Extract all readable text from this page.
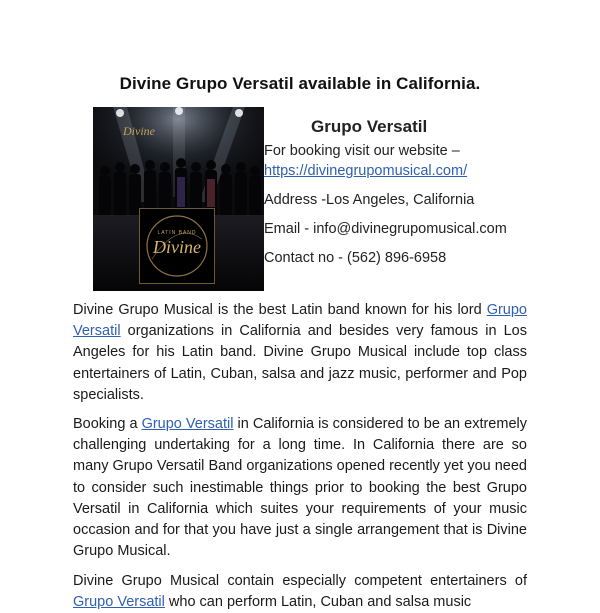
Divine Grupo Versatil available in California.
Divine
Divine
LATIN BAND
Grupo Versatil
For booking visit our website –
https://divinegrupomusical.com/
Address -Los Angeles, California
Email - info@divinegrupomusical.com
Contact no - (562) 896-6958
Divine Grupo Musical is the best Latin band known for his lord Grupo Versatil organizations in California and besides very famous in Los Angeles for his Latin band. Divine Grupo Musical include top class entertainers of Latin, Cuban, salsa and jazz music, performer and Pop specialists.
Booking a Grupo Versatil in California is considered to be an extremely challenging undertaking for a long time. In California there are so many Grupo Versatil Band organizations opened recently yet you need to consider such inestimable things prior to booking the best Grupo Versatil in California which suites your requirements of your music occasion and for that you have just a single arrangement that is Divine Grupo Musical.
Divine Grupo Musical contain especially competent entertainers of Grupo Versatil who can perform Latin, Cuban and salsa music
